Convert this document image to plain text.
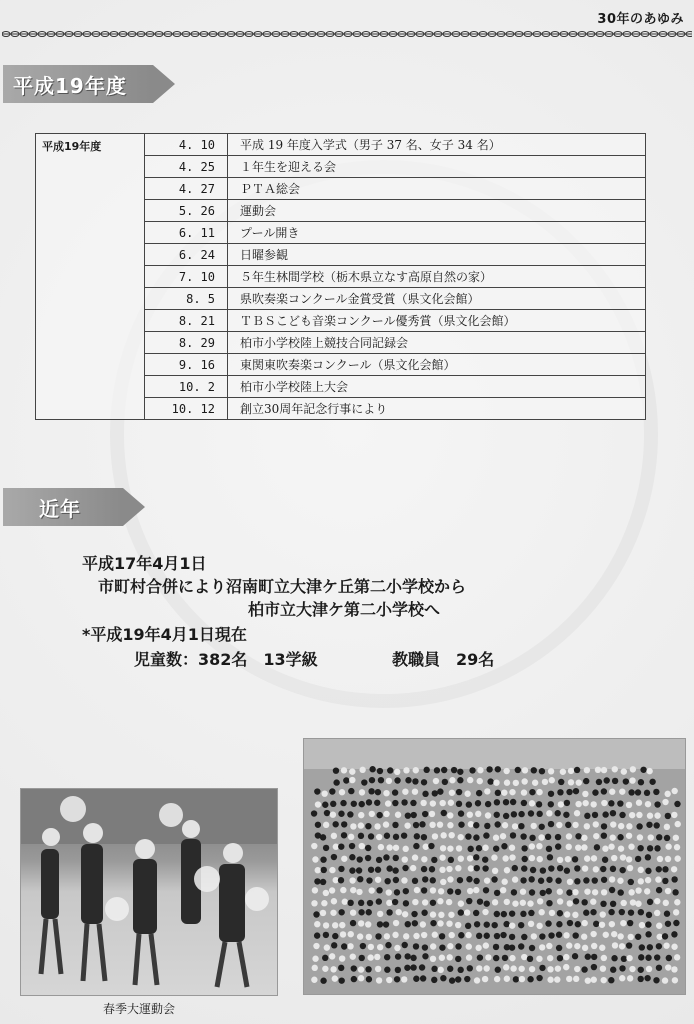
30年のあゆみ
平成19年度
平成19年度	4. 10	平成 19 年度入学式（男子 37 名、女子 34 名）
	4. 25	１年生を迎える会
	4. 27	ＰＴＡ総会
	5. 26	運動会
	6. 11	プール開き
	6. 24	日曜参観
	7. 10	５年生林間学校（栃木県立なす高原自然の家）
	8. 5	県吹奏楽コンクール金賞受賞（県文化会館）
	8. 21	ＴＢＳこども音楽コンクール優秀賞（県文化会館）
	8. 29	柏市小学校陸上競技合同記録会
	9. 16	東関東吹奏楽コンクール（県文化会館）
	10. 2	柏市小学校陸上大会
	10. 12	創立30周年記念行事により
近年
平成17年4月1日
市町村合併により沼南町立大津ケ丘第二小学校から
柏市立大津ケ第二小学校へ
*平成19年4月1日現在
児童数：382名　13学級	教職員　29名
春季大運動会
